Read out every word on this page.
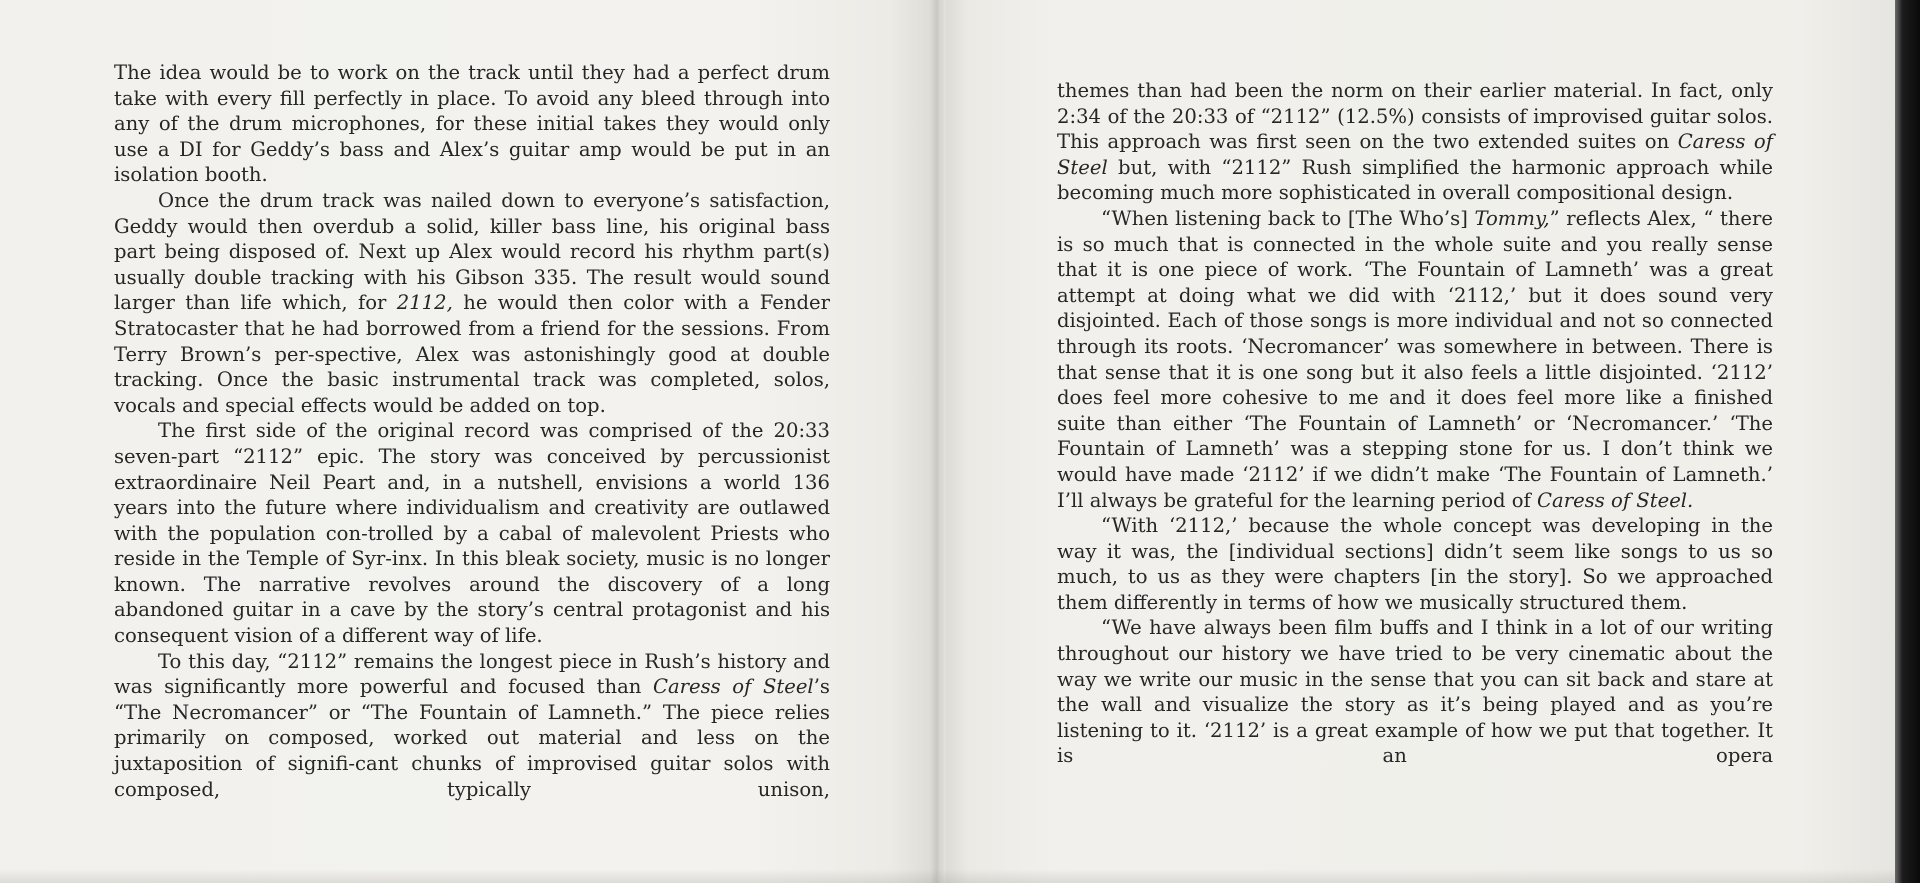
The idea would be to work on the track until they had a perfect drum take with every fill perfectly in place. To avoid any bleed through into any of the drum microphones, for these initial takes they would only use a DI for Geddy’s bass and Alex’s guitar amp would be put in an isolation booth.

Once the drum track was nailed down to everyone’s satisfaction, Geddy would then overdub a solid, killer bass line, his original bass part being disposed of. Next up Alex would record his rhythm part(s) usually double tracking with his Gibson 335. The result would sound larger than life which, for 2112, he would then color with a Fender Stratocaster that he had borrowed from a friend for the sessions. From Terry Brown’s per-spective, Alex was astonishingly good at double tracking. Once the basic instrumental track was completed, solos, vocals and special effects would be added on top.

The first side of the original record was comprised of the 20:33 seven-part “2112” epic. The story was conceived by percussionist extraordinaire Neil Peart and, in a nutshell, envisions a world 136 years into the future where individualism and creativity are outlawed with the population con-trolled by a cabal of malevolent Priests who reside in the Temple of Syr-inx. In this bleak society, music is no longer known. The narrative revolves around the discovery of a long abandoned guitar in a cave by the story’s central protagonist and his consequent vision of a different way of life.

To this day, “2112” remains the longest piece in Rush’s history and was significantly more powerful and focused than Caress of Steel’s “The Necromancer” or “The Fountain of Lamneth.” The piece relies primarily on composed, worked out material and less on the juxtaposition of signifi-cant chunks of improvised guitar solos with composed, typically unison,

themes than had been the norm on their earlier material. In fact, only 2:34 of the 20:33 of “2112” (12.5%) consists of improvised guitar solos. This approach was first seen on the two extended suites on Caress of Steel but, with “2112” Rush simplified the harmonic approach while becoming much more sophisticated in overall compositional design.

“When listening back to [The Who’s] Tommy,” reflects Alex, “ there is so much that is connected in the whole suite and you really sense that it is one piece of work. ‘The Fountain of Lamneth’ was a great attempt at doing what we did with ‘2112,’ but it does sound very disjointed. Each of those songs is more individual and not so connected through its roots. ‘Necromancer’ was somewhere in between. There is that sense that it is one song but it also feels a little disjointed. ‘2112’ does feel more cohesive to me and it does feel more like a finished suite than either ‘The Fountain of Lamneth’ or ‘Necromancer.’ ‘The Fountain of Lamneth’ was a stepping stone for us. I don’t think we would have made ‘2112’ if we didn’t make ‘The Fountain of Lamneth.’ I’ll always be grateful for the learning period of Caress of Steel.

“With ‘2112,’ because the whole concept was developing in the way it was, the [individual sections] didn’t seem like songs to us so much, to us as they were chapters [in the story]. So we approached them differently in terms of how we musically structured them.

“We have always been film buffs and I think in a lot of our writing throughout our history we have tried to be very cinematic about the way we write our music in the sense that you can sit back and stare at the wall and visualize the story as it’s being played and as you’re listening to it. ‘2112’ is a great example of how we put that together. It is an opera
